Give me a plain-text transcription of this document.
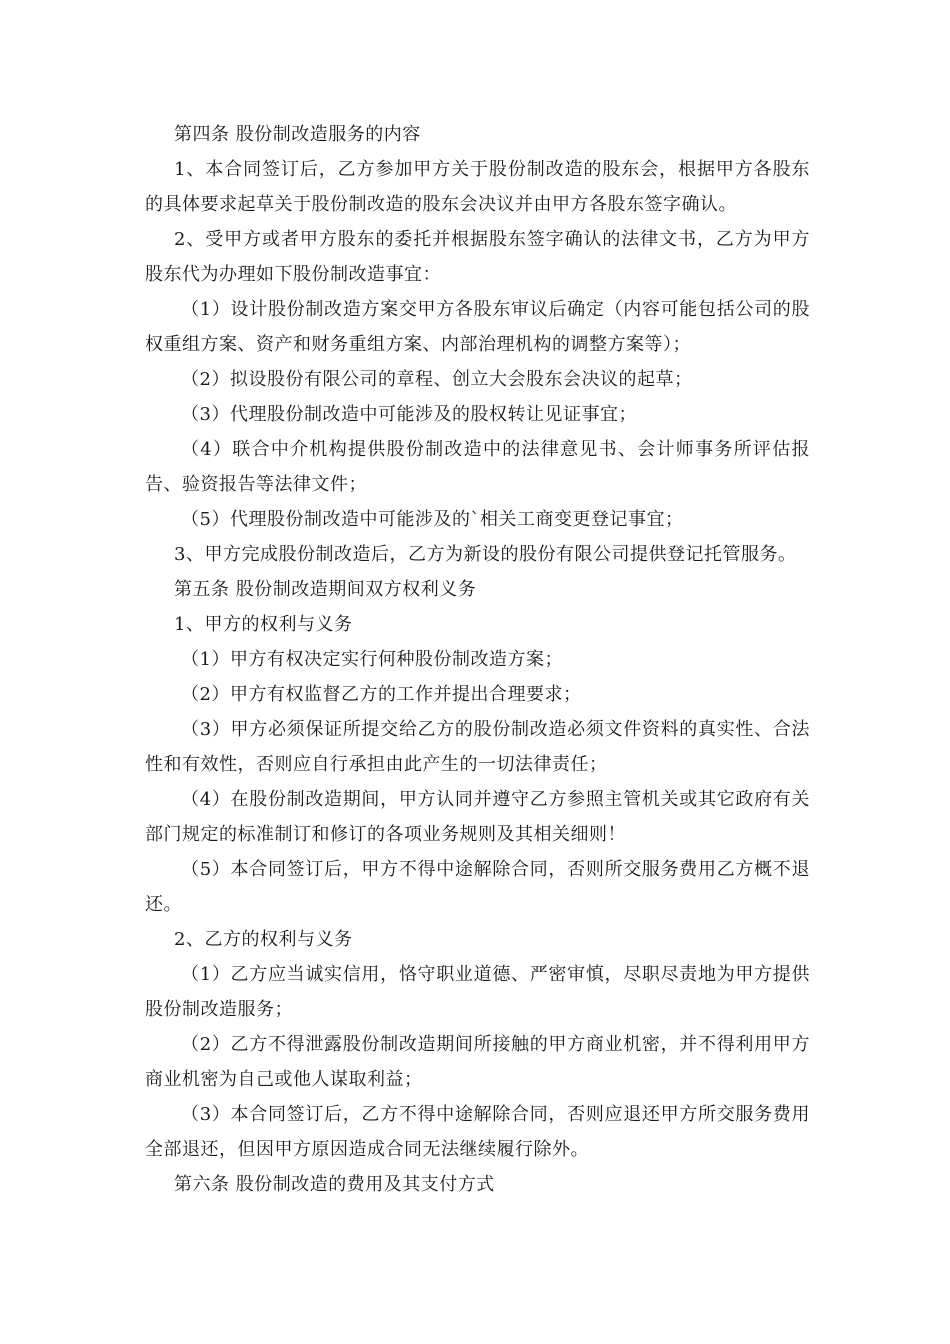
第四条 股份制改造服务的内容

1、本合同签订后，乙方参加甲方关于股份制改造的股东会，根据甲方各股东的具体要求起草关于股份制改造的股东会决议并由甲方各股东签字确认。

2、受甲方或者甲方股东的委托并根据股东签字确认的法律文书，乙方为甲方股东代为办理如下股份制改造事宜：

（1）设计股份制改造方案交甲方各股东审议后确定（内容可能包括公司的股权重组方案、资产和财务重组方案、内部治理机构的调整方案等）；

（2）拟设股份有限公司的章程、创立大会股东会决议的起草；

（3）代理股份制改造中可能涉及的股权转让见证事宜；

（4）联合中介机构提供股份制改造中的法律意见书、会计师事务所评估报告、验资报告等法律文件；

（5）代理股份制改造中可能涉及的`相关工商变更登记事宜；

3、甲方完成股份制改造后，乙方为新设的股份有限公司提供登记托管服务。

第五条 股份制改造期间双方权利义务

1、甲方的权利与义务

（1）甲方有权决定实行何种股份制改造方案；

（2）甲方有权监督乙方的工作并提出合理要求；

（3）甲方必须保证所提交给乙方的股份制改造必须文件资料的真实性、合法性和有效性，否则应自行承担由此产生的一切法律责任；

（4）在股份制改造期间，甲方认同并遵守乙方参照主管机关或其它政府有关部门规定的标准制订和修订的各项业务规则及其相关细则！

（5）本合同签订后，甲方不得中途解除合同，否则所交服务费用乙方概不退还。

2、乙方的权利与义务

（1）乙方应当诚实信用，恪守职业道德、严密审慎，尽职尽责地为甲方提供股份制改造服务；

（2）乙方不得泄露股份制改造期间所接触的甲方商业机密，并不得利用甲方商业机密为自己或他人谋取利益；

（3）本合同签订后，乙方不得中途解除合同，否则应退还甲方所交服务费用全部退还，但因甲方原因造成合同无法继续履行除外。

第六条 股份制改造的费用及其支付方式
